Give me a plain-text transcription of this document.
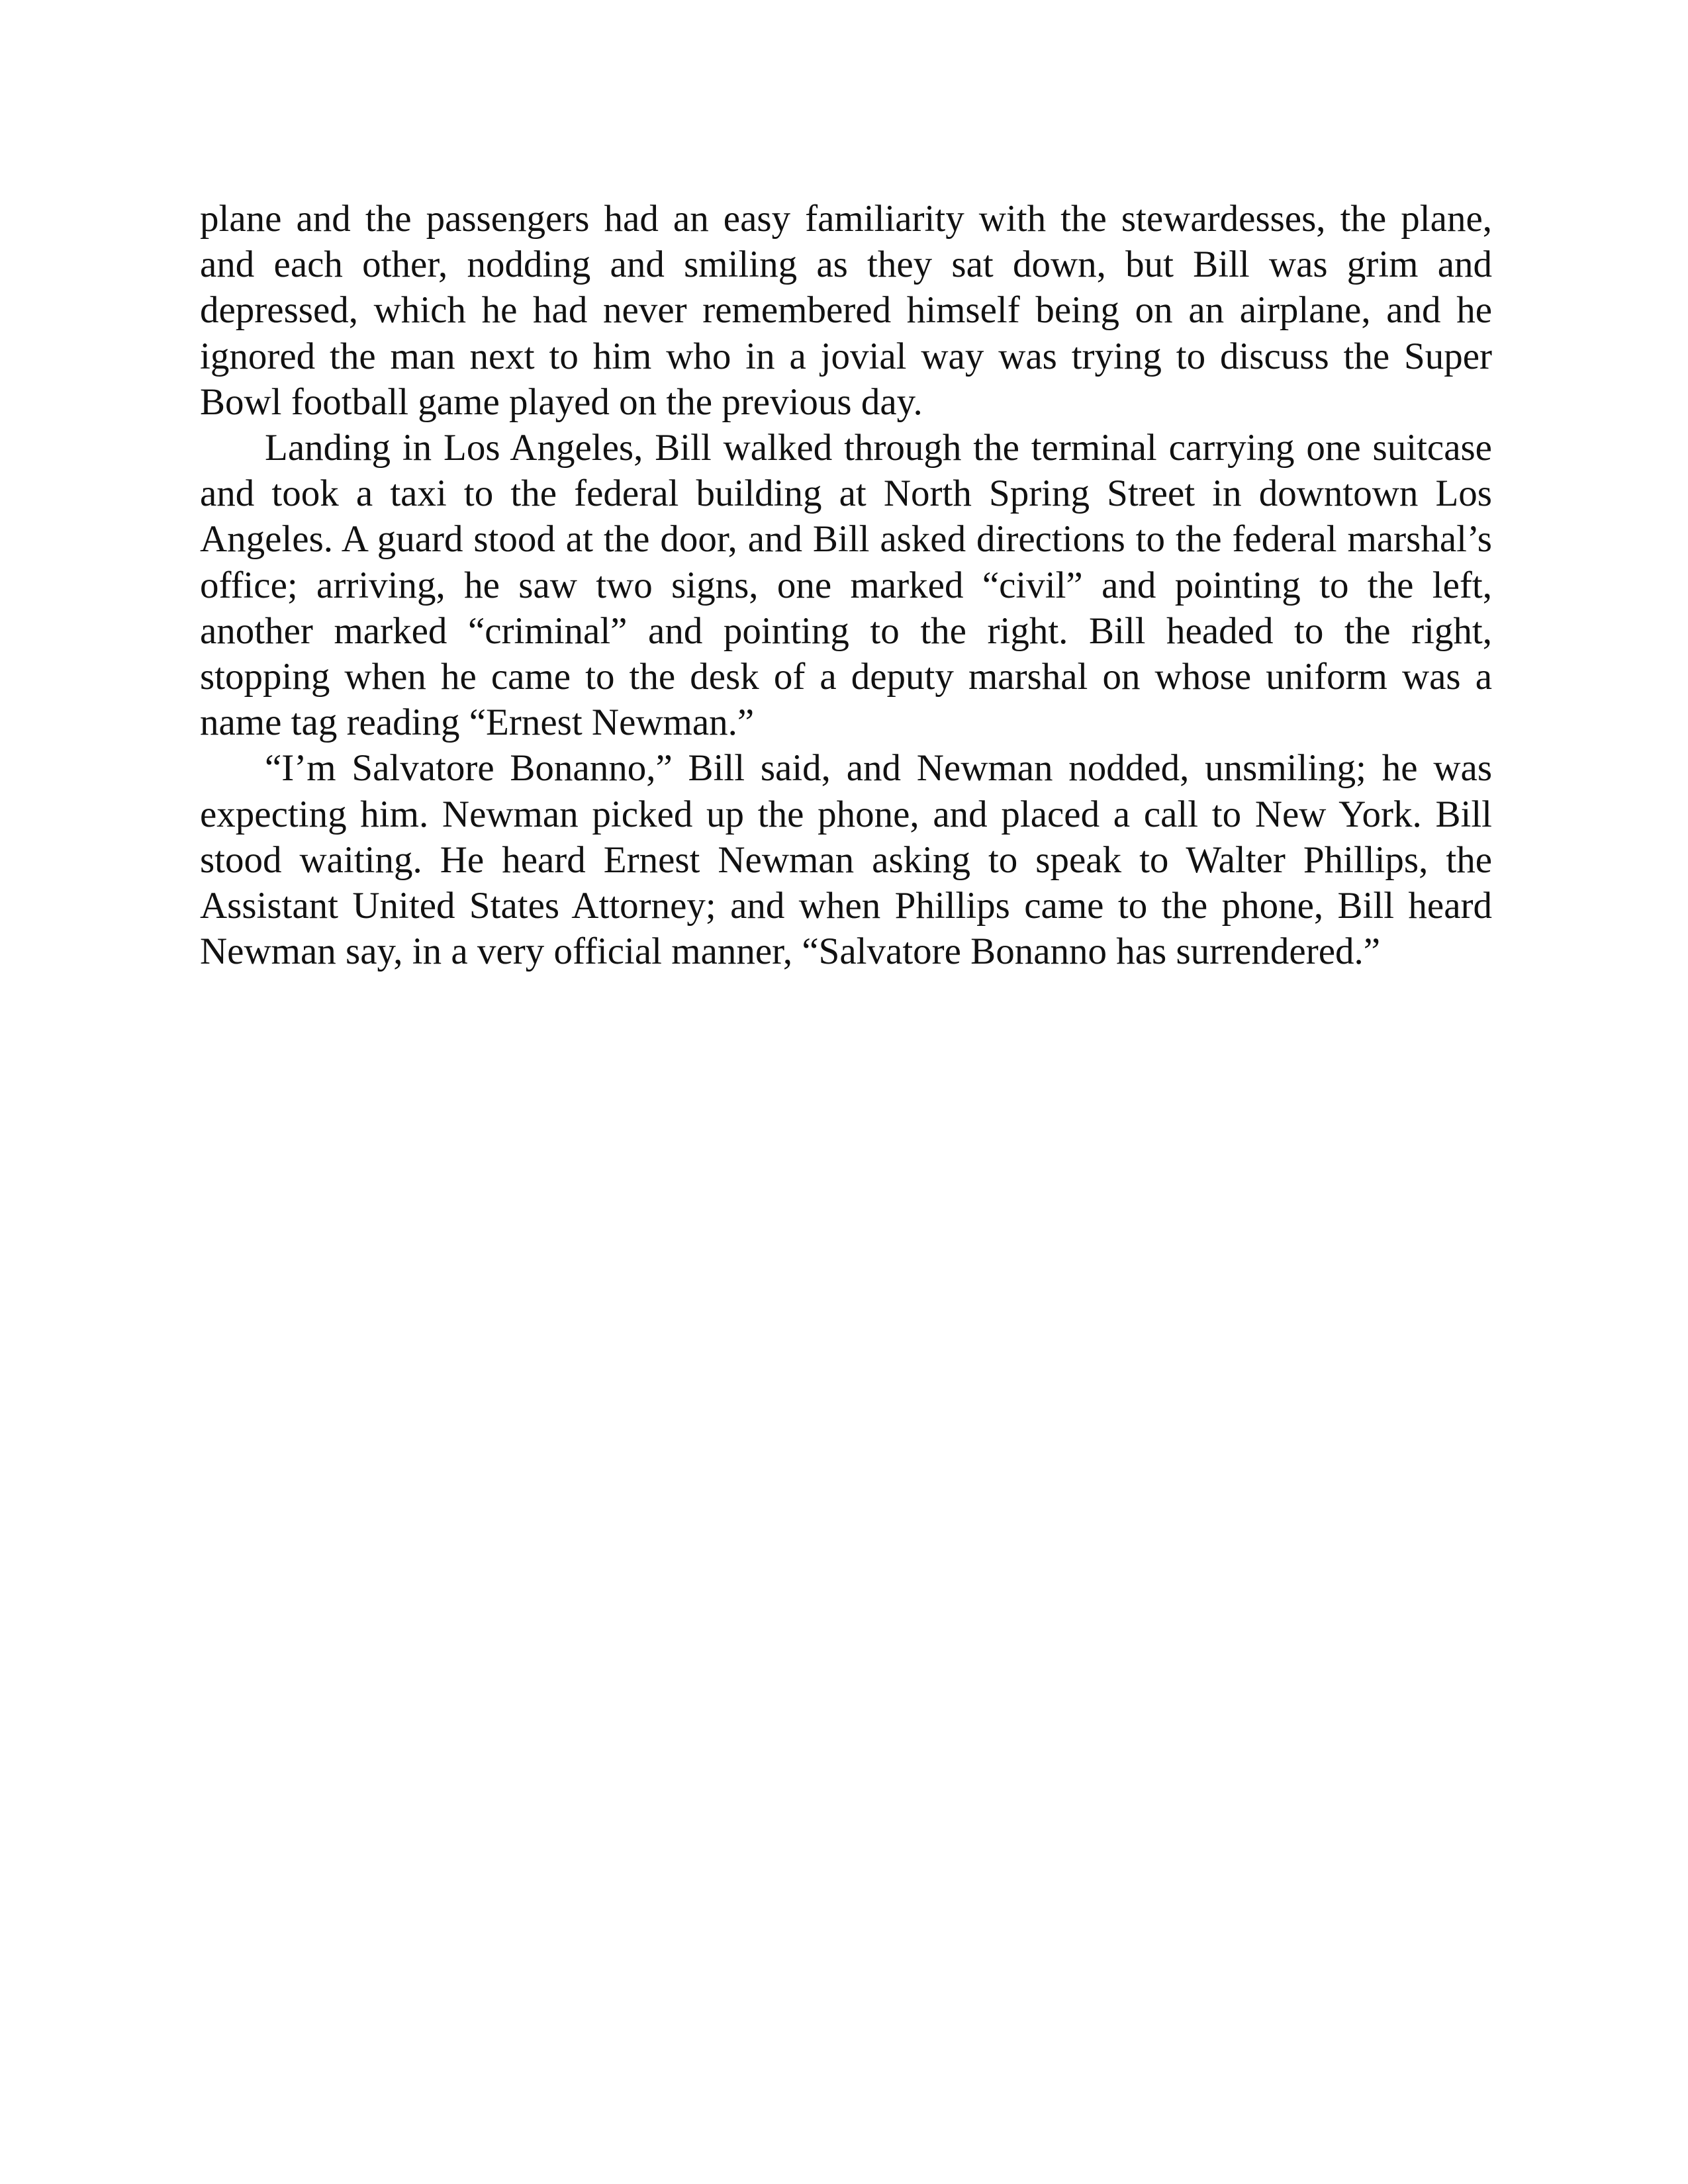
plane and the passengers had an easy familiarity with the stewardesses, the plane, and each other, nodding and smiling as they sat down, but Bill was grim and depressed, which he had never remembered himself being on an airplane, and he ignored the man next to him who in a jovial way was trying to discuss the Super Bowl football game played on the previous day.

Landing in Los Angeles, Bill walked through the terminal carrying one suitcase and took a taxi to the federal building at North Spring Street in downtown Los Angeles. A guard stood at the door, and Bill asked directions to the federal marshal’s office; arriving, he saw two signs, one marked “civil” and pointing to the left, another marked “criminal” and pointing to the right. Bill headed to the right, stopping when he came to the desk of a deputy marshal on whose uniform was a name tag reading “Ernest Newman.”

“I’m Salvatore Bonanno,” Bill said, and Newman nodded, unsmiling; he was expecting him. Newman picked up the phone, and placed a call to New York. Bill stood waiting. He heard Ernest Newman asking to speak to Walter Phillips, the Assistant United States Attorney; and when Phillips came to the phone, Bill heard Newman say, in a very official manner, “Salvatore Bonanno has surrendered.”
